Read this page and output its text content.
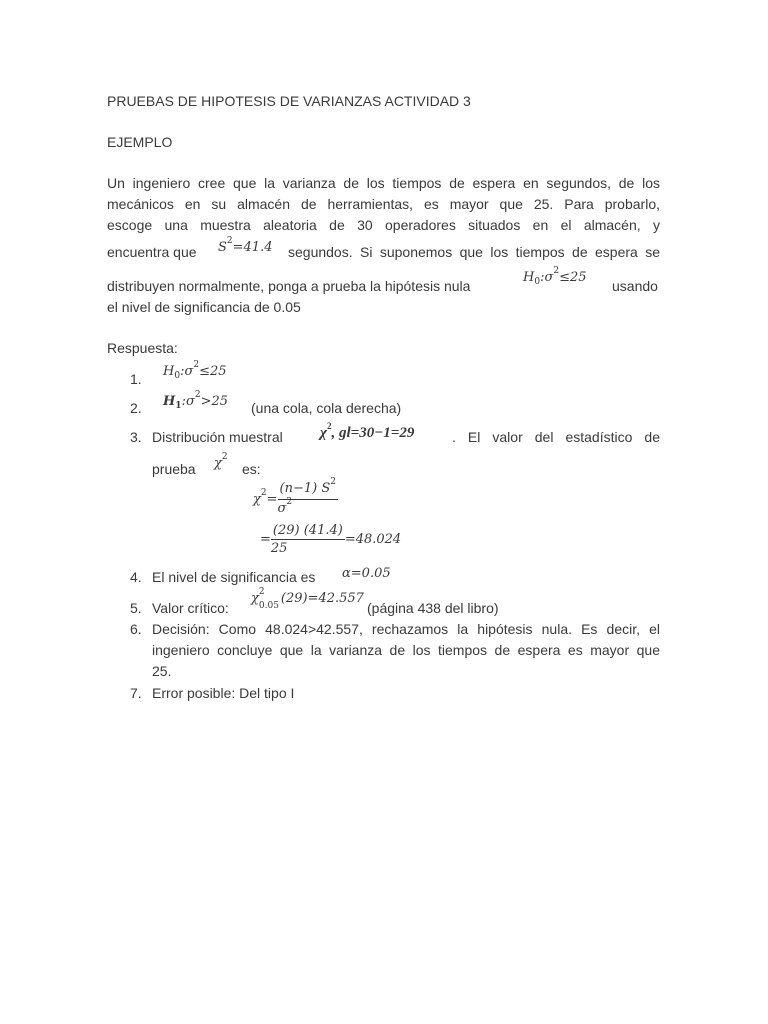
PRUEBAS DE HIPOTESIS DE VARIANZAS ACTIVIDAD 3
EJEMPLO
Un ingeniero cree que la varianza de los tiempos de espera en segundos, de los
mecánicos en su almacén de herramientas, es mayor que 25. Para probarlo,
escoge una muestra aleatoria de 30 operadores situados en el almacén, y
encuentra que $S^2=41.4$ segundos. Si suponemos que los tiempos de espera se
distribuyen normalmente, ponga a prueba la hipótesis nula
$H_0:\sigma^2\le 25$
usando
el nivel de significancia de 0.05
Respuesta:
1. $H_0:\sigma^2\le 25$
2. $H_1:\sigma^2>25$ (una cola, cola derecha)
3. Distribución muestral $\chi^2$, gl=30−1=29	. El valor del estadístico de
prueba $\chi^2$
es:
$\chi^2= \frac{(n-1) S^2}{\sigma^2}$
= $\frac{(29) (41.4)}{25} =48.024$
4. El nivel de significancia es α=0.05
5. Valor crítico:
χ 2
0.05 (29)=42.557
(página 438 del libro)
6. Decisión: Como 48.024>42.557, rechazamos la hipótesis nula. Es decir, el
ingeniero concluye que la varianza de los tiempos de espera es mayor que
25.
7. Error posible: Del tipo I
